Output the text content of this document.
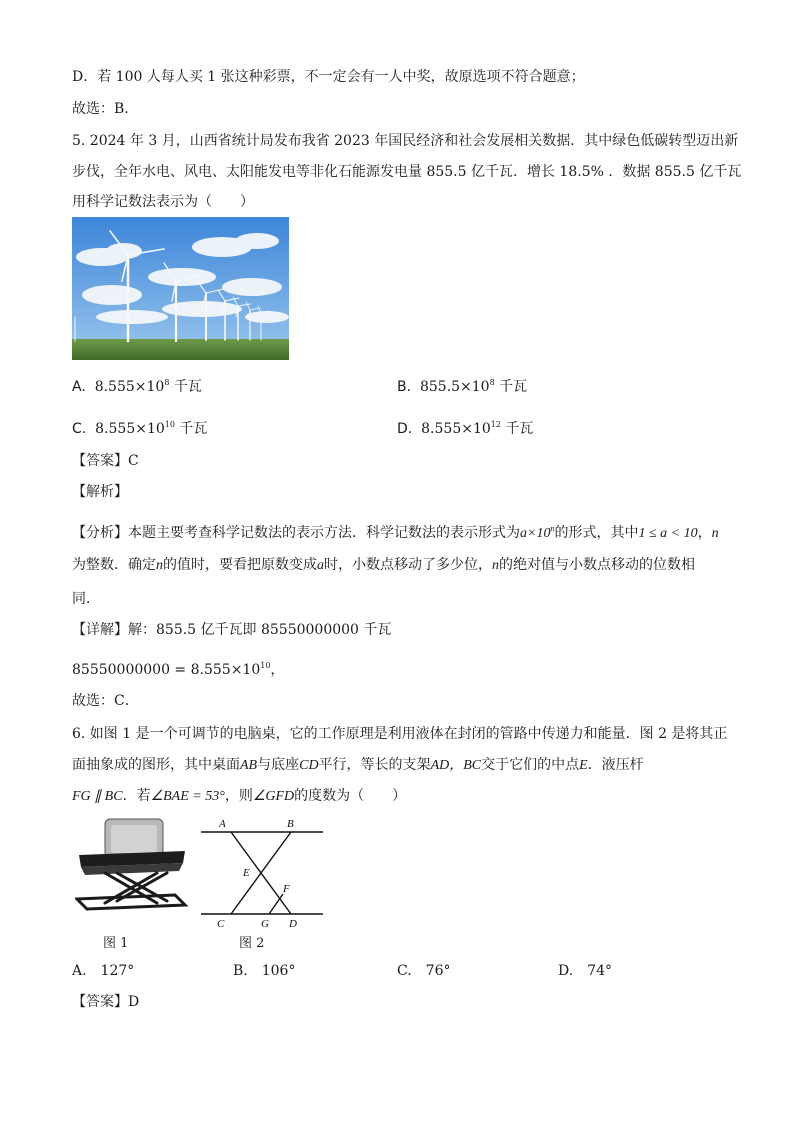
D．若 100 人每人买 1 张这种彩票，不一定会有一人中奖，故原选项不符合题意；
故选：B．
5. 2024 年 3 月，山西省统计局发布我省 2023 年国民经济和社会发展相关数据．其中绿色低碳转型迈出新
步伐，全年水电、风电、太阳能发电等非化石能源发电量 855.5 亿千瓦．增长 18.5% ．数据 855.5 亿千瓦
用科学记数法表示为（　　）
A. $8.555\times 10^8$ 千瓦	B. $855.5\times 10^8$ 千瓦
C. $8.555\times 10^{10}$ 千瓦	D. $8.555\times 10^{12}$ 千瓦
【答案】C
【解析】
【分析】本题主要考查科学记数法的表示方法．科学记数法的表示形式为$a\times 10^n$的形式，其中1 ≤ a < 10，n
为整数．确定n的值时，要看把原数变成a时，小数点移动了多少位，n的绝对值与小数点移动的位数相
同．
【详解】解：855.5 亿千瓦即 85550000000 千瓦
$85550000000 = 8.555\times 10^{10}$，
故选：C．
6. 如图 1 是一个可调节的电脑桌，它的工作原理是利用液体在封闭的管路中传递力和能量．图 2 是将其正
面抽象成的图形，其中桌面AB与底座CD平行，等长的支架AD，BC交于它们的中点E．液压杆
FG ∥ BC．若∠BAE = 53°，则∠GFD的度数为（　　）
图 1
A	B
E
F
C	G D
图 2
A.　127°	B.　106°	C.　76°	D.　74°
【答案】D
